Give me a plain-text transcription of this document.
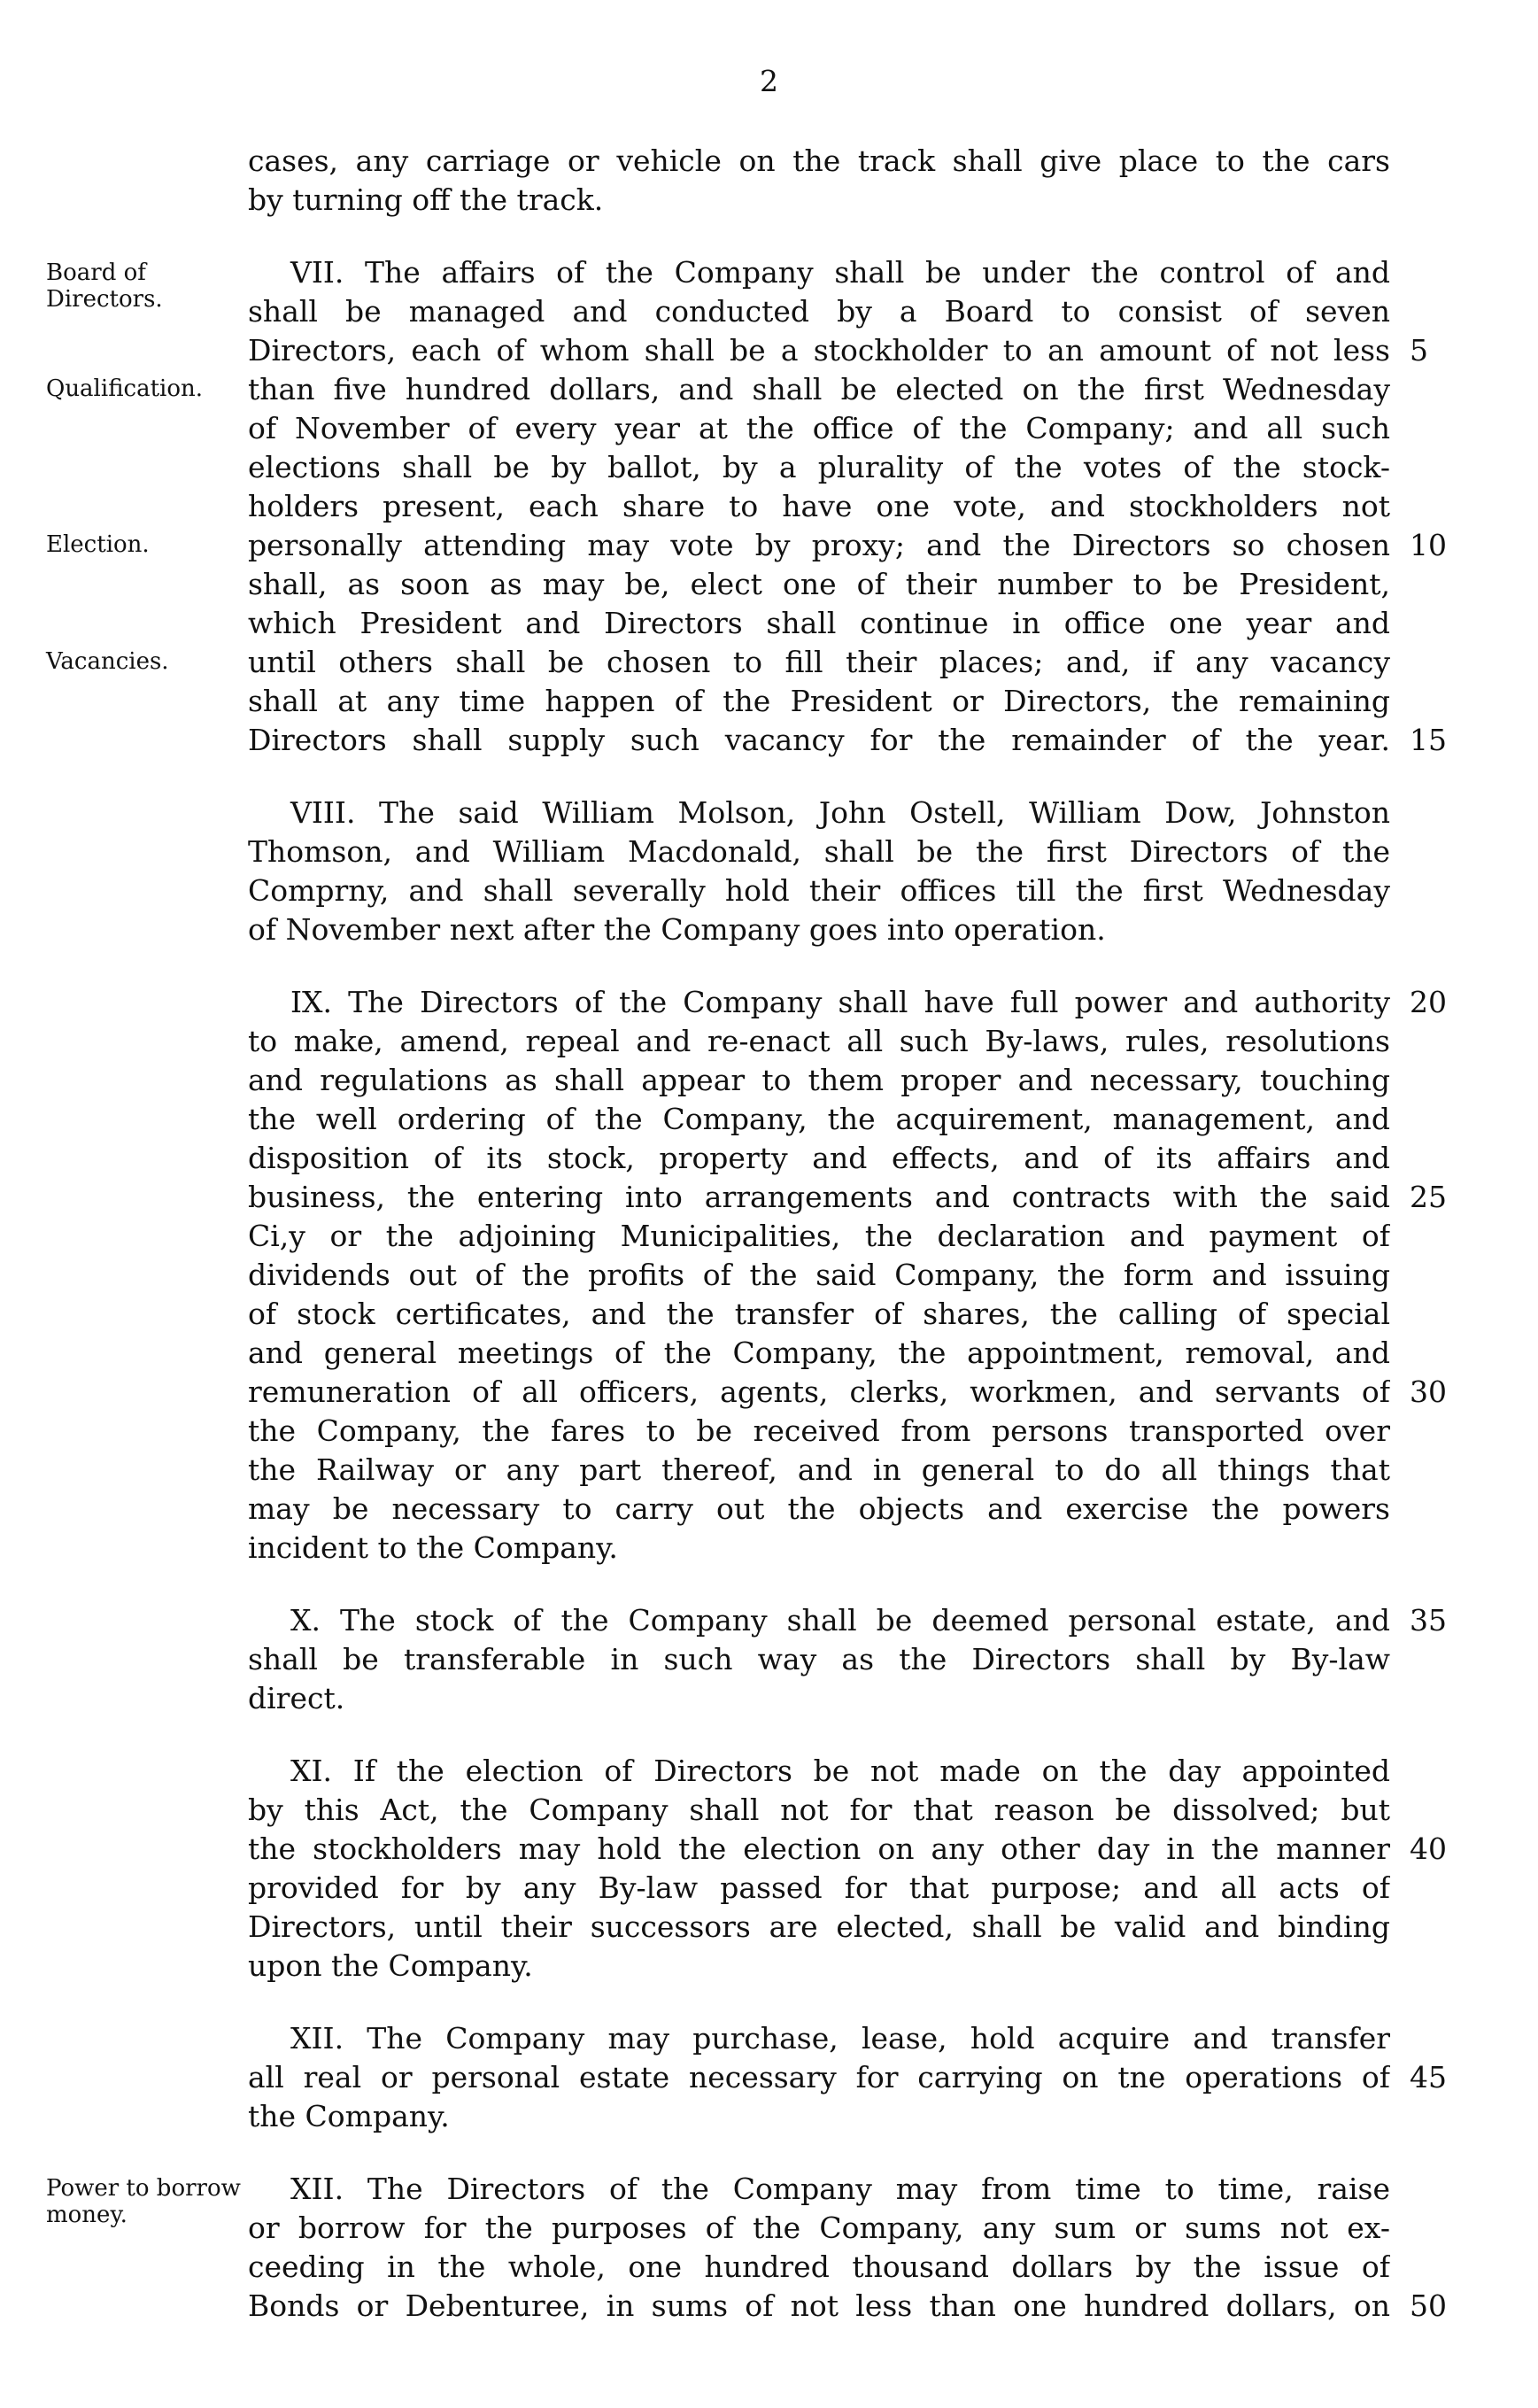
2
cases, any carriage or vehicle on the track shall give place to the cars
by turning off the track.
VII. The affairs of the Company shall be under the control of and
shall be managed and conducted by a Board to consist of seven
Directors, each of whom shall be a stockholder to an amount of not less
than five hundred dollars, and shall be elected on the first Wednesday
of November of every year at the office of the Company; and all such
elections shall be by ballot, by a plurality of the votes of the stock-
holders present, each share to have one vote, and stockholders not
personally attending may vote by proxy; and the Directors so chosen
shall, as soon as may be, elect one of their number to be President,
which President and Directors shall continue in office one year and
until others shall be chosen to fill their places; and, if any vacancy
shall at any time happen of the President or Directors, the remaining
Directors shall supply such vacancy for the remainder of the year.
VIII. The said William Molson, John Ostell, William Dow, Johnston
Thomson, and William Macdonald, shall be the first Directors of the
Comprny, and shall severally hold their offices till the first Wednesday
of November next after the Company goes into operation.
IX. The Directors of the Company shall have full power and authority
to make, amend, repeal and re-enact all such By-laws, rules, resolutions
and regulations as shall appear to them proper and necessary, touching
the well ordering of the Company, the acquirement, management, and
disposition of its stock, property and effects, and of its affairs and
business, the entering into arrangements and contracts with the said
Ci,y or the adjoining Municipalities, the declaration and payment of
dividends out of the profits of the said Company, the form and issuing
of stock certificates, and the transfer of shares, the calling of special
and general meetings of the Company, the appointment, removal, and
remuneration of all officers, agents, clerks, workmen, and servants of
the Company, the fares to be received from persons transported over
the Railway or any part thereof, and in general to do all things that
may be necessary to carry out the objects and exercise the powers
incident to the Company.
X. The stock of the Company shall be deemed personal estate, and
shall be transferable in such way as the Directors shall by By-law
direct.
XI. If the election of Directors be not made on the day appointed
by this Act, the Company shall not for that reason be dissolved; but
the stockholders may hold the election on any other day in the manner
provided for by any By-law passed for that purpose; and all acts of
Directors, until their successors are elected, shall be valid and binding
upon the Company.
XII. The Company may purchase, lease, hold acquire and transfer
all real or personal estate necessary for carrying on tne operations of
the Company.
XII. The Directors of the Company may from time to time, raise
or borrow for the purposes of the Company, any sum or sums not ex-
ceeding in the whole, one hundred thousand dollars by the issue of
Bonds or Debenturee, in sums of not less than one hundred dollars, on
Board of Directors.
Qualification.
Election.
Vacancies.
Power to borrow money.
5
10
15
20
25
30
35
40
45
50
